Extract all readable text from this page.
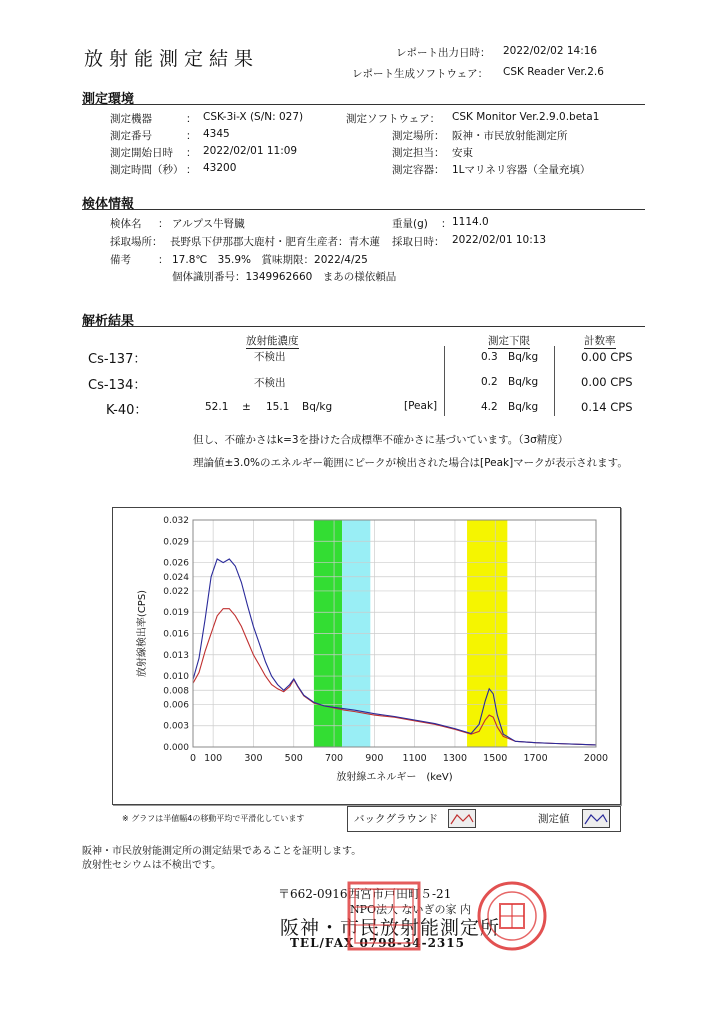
放射能測定結果	レポート出力日時： 2022/02/02 14:16
レポート生成ソフトウェア： CSK Reader Ver.2.6
測定環境
測定機器	： CSK-3i-X (S/N: 027)
測定番号	： 4345
測定開始日時 ： 2022/02/01 11:09
測定時間（秒） ： 43200
測定ソフトウェア： CSK Monitor Ver.2.9.0.beta1
測定場所： 阪神・市民放射能測定所
測定担当： 安東
測定容器： 1Lマリネリ容器（全量充填）
検体情報
検体名 ： アルプス牛腎臓	重量(g) ： 1114.0
採取場所： 長野県下伊那郡大鹿村・肥育生産者：青木蓮 採取日時： 2022/02/01 10:13
備考	： 17.8℃　35.9%　賞味期限：2022/4/25
個体識別番号：1349962660　まあの様依頼品
解析結果
放射能濃度	測定下限	計数率
Cs-137：	不検出	0.3 Bq/kg	0.00 CPS
Cs-134：	不検出	0.2 Bq/kg	0.00 CPS
K-40：	52.1 ± 15.1 Bq/kg	[Peak]	4.2 Bq/kg	0.14 CPS
但し、不確かさはk=3を掛けた合成標準不確かさに基づいています。（3σ精度）
理論値±3.0%のエネルギー範囲にピークが検出された場合は[Peak]マークが表示されます。
0.000
0.003
0.006
0.008
0.010
0.013
0.016
0.019
0.022
0.024
0.026
0.029
0.032
0 100 300 500 700 900 1100 1300 1500 1700	2000
放射線検出率(CPS)
放射線エネルギー　(keV)
※ グラフは半値幅4の移動平均で平滑化しています	バックグラウンド	測定値
阪神・市民放射能測定所の測定結果であることを証明します。
放射性セシウムは不検出です。
〒662-0916 西宮市戸田町５-21
NPO法人 ないぎの家 内
阪神・市民放射能測定所
TEL/FAX 0798-34-2315
